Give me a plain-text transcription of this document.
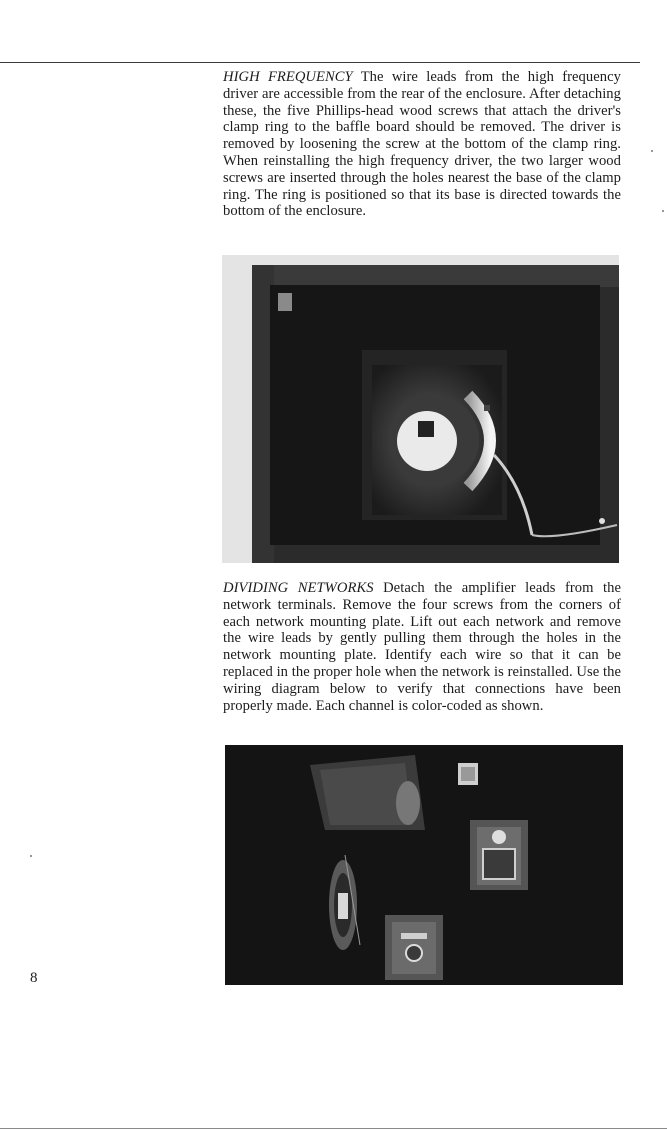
HIGH FREQUENCY The wire leads from the high frequency driver are accessible from the rear of the enclosure. After detaching these, the five Phillips-head wood screws that attach the driver's clamp ring to the baffle board should be removed. The driver is removed by loosening the screw at the bottom of the clamp ring. When reinstalling the high frequency driver, the two larger wood screws are inserted through the holes nearest the base of the clamp ring. The ring is positioned so that its base is directed towards the bottom of the enclosure.

DIVIDING NETWORKS Detach the amplifier leads from the network terminals. Remove the four screws from the corners of each network mounting plate. Lift out each network and remove the wire leads by gently pulling them through the holes in the network mounting plate. Identify each wire so that it can be replaced in the proper hole when the network is reinstalled. Use the wiring diagram below to verify that connections have been properly made. Each channel is color-coded as shown.

8
